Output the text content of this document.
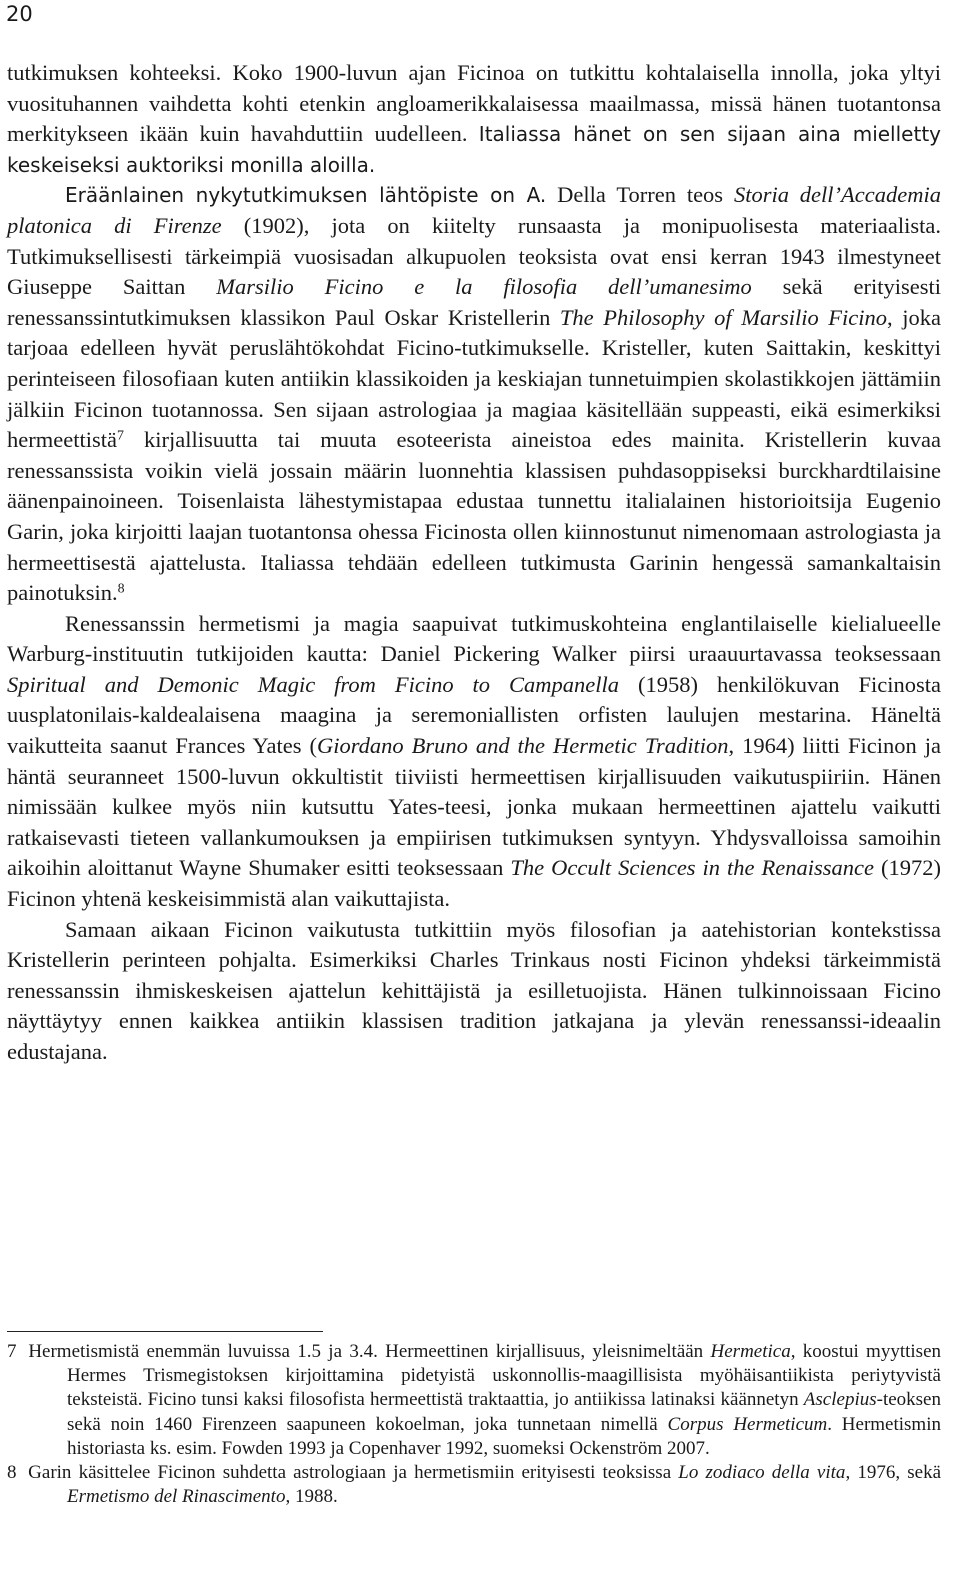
20

tutkimuksen kohteeksi. Koko 1900-luvun ajan Ficinoa on tutkittu kohtalaisella innolla, joka yltyi vuosituhannen vaihdetta kohti etenkin angloamerikkalaisessa maailmassa, missä hänen tuotantonsa merkitykseen ikään kuin havahduttiin uudelleen. Italiassa hänet on sen sijaan aina mielletty keskeiseksi auktoriksi monilla aloilla.

Eräänlainen nykytutkimuksen lähtöpiste on A. Della Torren teos Storia dell’Accademia platonica di Firenze (1902), jota on kiitelty runsaasta ja monipuolisesta materiaalista. Tutkimuksellisesti tärkeimpiä vuosisadan alkupuolen teoksista ovat ensi kerran 1943 ilmestyneet Giuseppe Saittan Marsilio Ficino e la filosofia dell’umanesimo sekä erityisesti renessanssintutkimuksen klassikon Paul Oskar Kristellerin The Philosophy of Marsilio Ficino, joka tarjoaa edelleen hyvät peruslähtökohdat Ficino-tutkimukselle. Kristeller, kuten Saittakin, keskittyi perinteiseen filosofiaan kuten antiikin klassikoiden ja keskiajan tunnetuimpien skolastikkojen jättämiin jälkiin Ficinon tuotannossa. Sen sijaan astrologiaa ja magiaa käsitellään suppeasti, eikä esimerkiksi hermeettistä$^7$ kirjallisuutta tai muuta esoteerista aineistoa edes mainita. Kristellerin kuvaa renessanssista voikin vielä jossain määrin luonnehtia klassisen puhdasoppiseksi burckhardtilaisine äänenpainoineen. Toisenlaista lähestymistapaa edustaa tunnettu italialainen historioitsija Eugenio Garin, joka kirjoitti laajan tuotantonsa ohessa Ficinosta ollen kiinnostunut nimenomaan astrologiasta ja hermeettisestä ajattelusta. Italiassa tehdään edelleen tutkimusta Garinin hengessä samankaltaisin painotuksin.$^8$

Renessanssin hermetismi ja magia saapuivat tutkimuskohteina englantilaiselle kielialueelle Warburg-instituutin tutkijoiden kautta: Daniel Pickering Walker piirsi uraauurtavassa teoksessaan Spiritual and Demonic Magic from Ficino to Campanella (1958) henkilökuvan Ficinosta uusplatonilais-kaldealaisena maagina ja seremoniallisten orfisten laulujen mestarina. Häneltä vaikutteita saanut Frances Yates (Giordano Bruno and the Hermetic Tradition, 1964) liitti Ficinon ja häntä seuranneet 1500-luvun okkultistit tiiviisti hermeettisen kirjallisuuden vaikutuspiiriin. Hänen nimissään kulkee myös niin kutsuttu Yates-teesi, jonka mukaan hermeettinen ajattelu vaikutti ratkaisevasti tieteen vallankumouksen ja empiirisen tutkimuksen syntyyn. Yhdysvalloissa samoihin aikoihin aloittanut Wayne Shumaker esitti teoksessaan The Occult Sciences in the Renaissance (1972) Ficinon yhtenä keskeisimmistä alan vaikuttajista.

Samaan aikaan Ficinon vaikutusta tutkittiin myös filosofian ja aatehistorian kontekstissa Kristellerin perinteen pohjalta. Esimerkiksi Charles Trinkaus nosti Ficinon yhdeksi tärkeimmistä renessanssin ihmiskeskeisen ajattelun kehittäjistä ja esilletuojista. Hänen tulkinnoissaan Ficino näyttäytyy ennen kaikkea antiikin klassisen tradition jatkajana ja ylevän renessanssi-ideaalin edustajana.

7 Hermetismistä enemmän luvuissa 1.5 ja 3.4. Hermeettinen kirjallisuus, yleisnimeltään Hermetica, koostui myyttisen Hermes Trismegistoksen kirjoittamina pidetyistä uskonnollis-maagillisista myöhäisantiikista periytyvistä teksteistä. Ficino tunsi kaksi filosofista hermeettistä traktaattia, jo antiikissa latinaksi käännetyn Asclepius-teoksen sekä noin 1460 Firenzeen saapuneen kokoelman, joka tunnetaan nimellä Corpus Hermeticum. Hermetismin historiasta ks. esim. Fowden 1993 ja Copenhaver 1992, suomeksi Ockenström 2007.

8 Garin käsittelee Ficinon suhdetta astrologiaan ja hermetismiin erityisesti teoksissa Lo zodiaco della vita, 1976, sekä Ermetismo del Rinascimento, 1988.
